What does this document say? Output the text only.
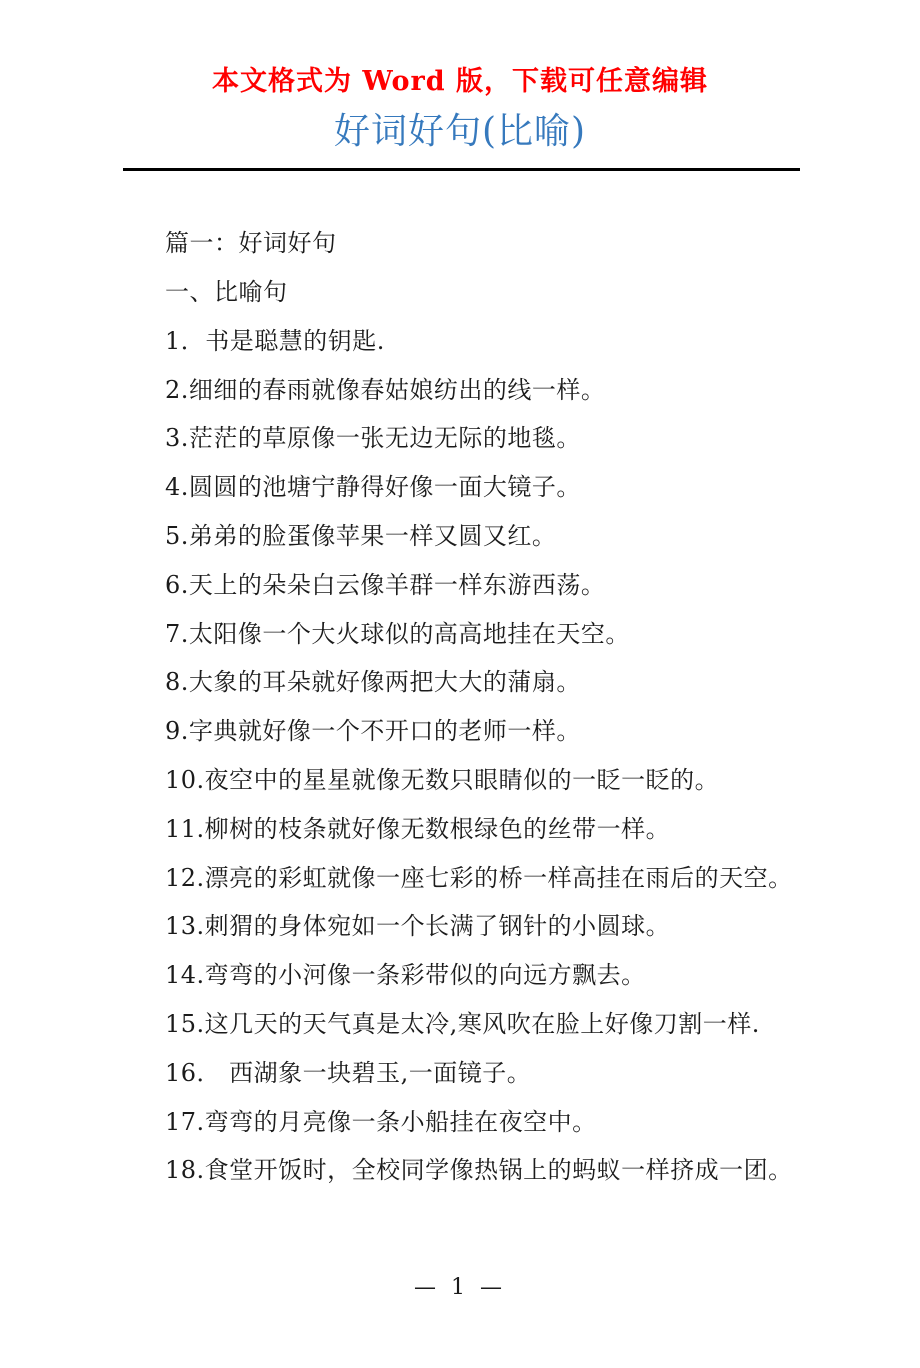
本文格式为 Word 版，下载可任意编辑
好词好句(比喻)

篇一：好词好句

一、比喻句

1．书是聪慧的钥匙.

2.细细的春雨就像春姑娘纺出的线一样。

3.茫茫的草原像一张无边无际的地毯。

4.圆圆的池塘宁静得好像一面大镜子。

5.弟弟的脸蛋像苹果一样又圆又红。

6.天上的朵朵白云像羊群一样东游西荡。

7.太阳像一个大火球似的高高地挂在天空。

8.大象的耳朵就好像两把大大的蒲扇。

9.字典就好像一个不开口的老师一样。

10.夜空中的星星就像无数只眼睛似的一眨一眨的。

11.柳树的枝条就好像无数根绿色的丝带一样。

12.漂亮的彩虹就像一座七彩的桥一样高挂在雨后的天空。

13.刺猬的身体宛如一个长满了钢针的小圆球。

14.弯弯的小河像一条彩带似的向远方飘去。

15.这几天的天气真是太冷,寒风吹在脸上好像刀割一样.

16． 西湖象一块碧玉,一面镜子。

17.弯弯的月亮像一条小船挂在夜空中。

18.食堂开饭时，全校同学像热锅上的蚂蚁一样挤成一团。

— 1 —
